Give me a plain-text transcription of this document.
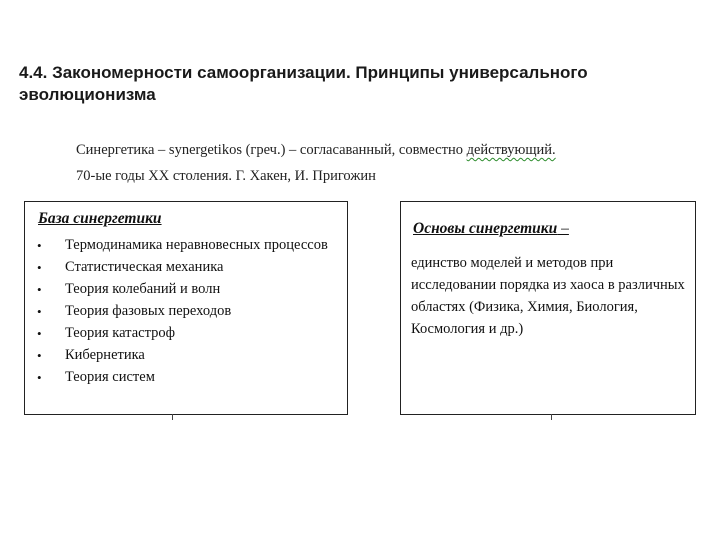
4.4. Закономерности самоорганизации. Принципы универсального эволюционизма
Синергетика – synergetikos (греч.) – согласаванный, совместно действующий.
70-ые годы XX столения. Г. Хакен, И. Пригожин
База синергетики
• Термодинамика неравновесных процессов
• Статистическая механика
• Теория колебаний и волн
• Теория фазовых переходов
• Теория катастроф
• Кибернетика
• Теория систем
Основы синергетики –
единство моделей и методов при исследовании порядка из хаоса в различных областях (Физика, Химия, Биология, Космология и др.)
